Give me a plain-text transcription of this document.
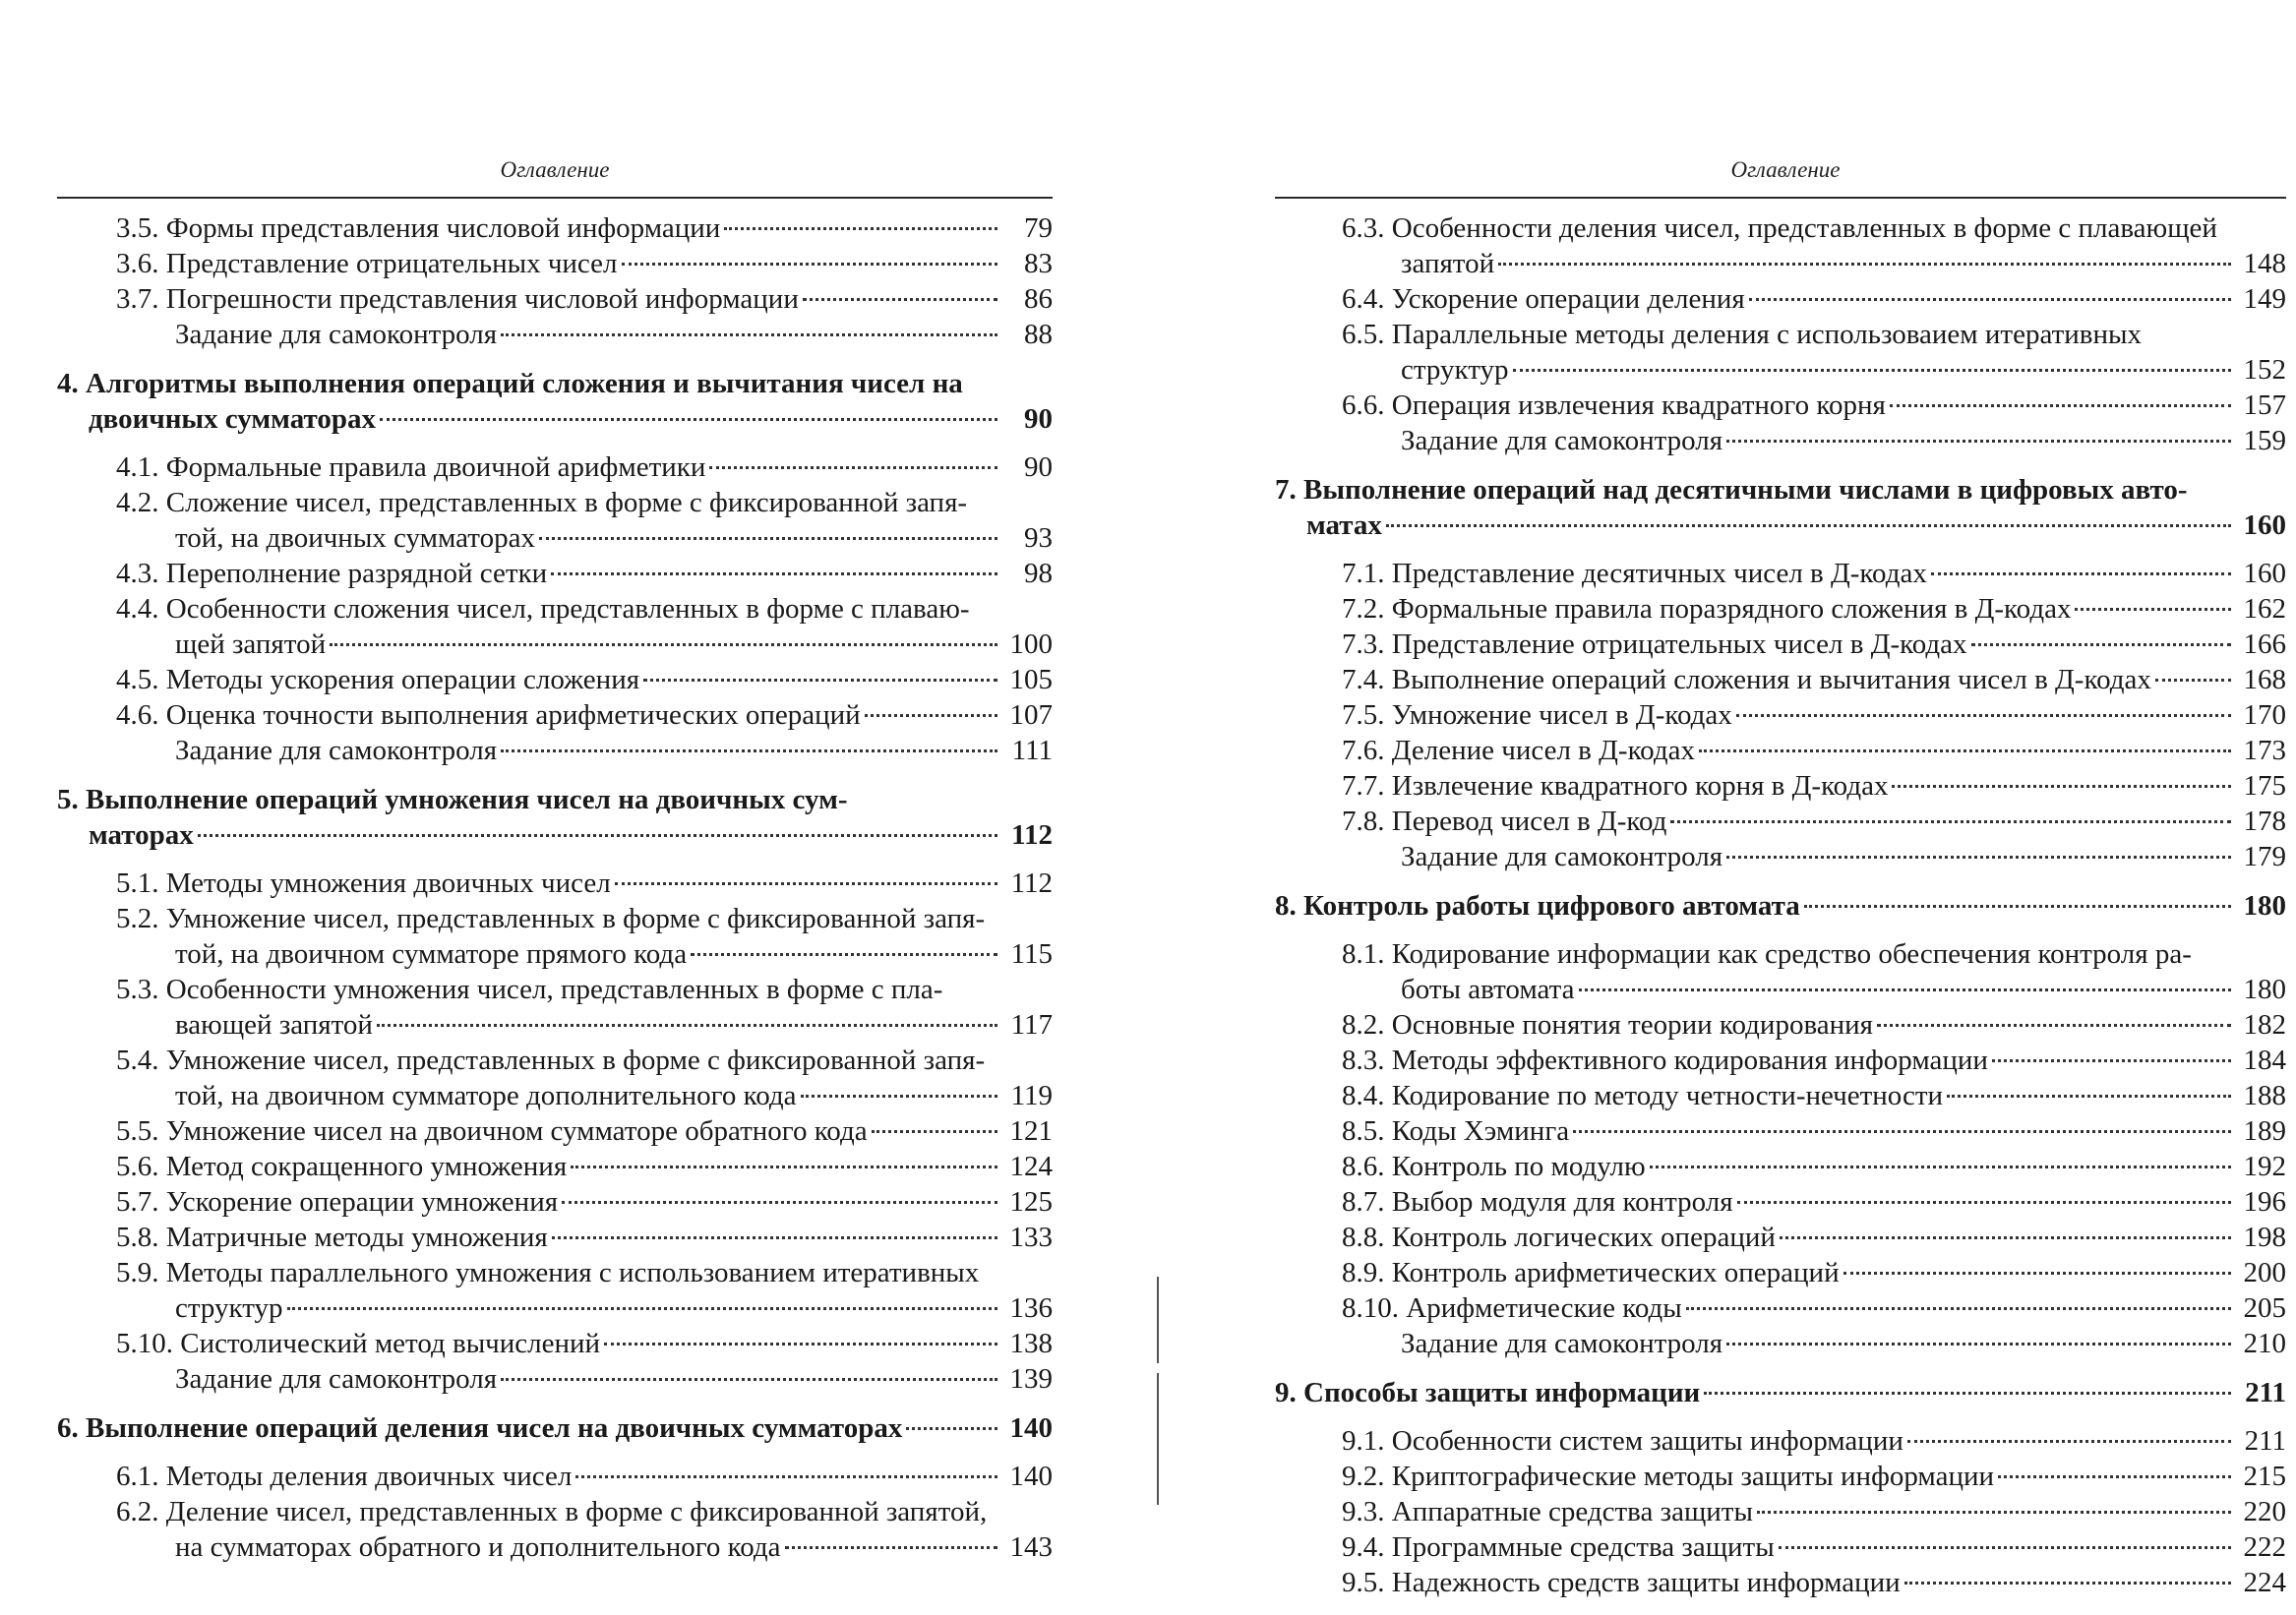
Оглавление
3.5. Формы представления числовой информации	79
3.6. Представление отрицательных чисел	83
3.7. Погрешности представления числовой информации	86
Задание для самоконтроля	88
4. Алгоритмы выполнения операций сложения и вычитания чисел на
двоичных сумматорах	90
4.1. Формальные правила двоичной арифметики	90
4.2. Сложение чисел, представленных в форме с фиксированной запя-
той, на двоичных сумматорах	93
4.3. Переполнение разрядной сетки	98
4.4. Особенности сложения чисел, представленных в форме с плаваю-
щей запятой	100
4.5. Методы ускорения операции сложения	105
4.6. Оценка точности выполнения арифметических операций	107
Задание для самоконтроля	111
5. Выполнение операций умножения чисел на двоичных сум-
маторах	112
5.1. Методы умножения двоичных чисел	112
5.2. Умножение чисел, представленных в форме с фиксированной запя-
той, на двоичном сумматоре прямого кода	115
5.3. Особенности умножения чисел, представленных в форме с пла-
вающей запятой	117
5.4. Умножение чисел, представленных в форме с фиксированной запя-
той, на двоичном сумматоре дополнительного кода	119
5.5. Умножение чисел на двоичном сумматоре обратного кода	121
5.6. Метод сокращенного умножения	124
5.7. Ускорение операции умножения	125
5.8. Матричные методы умножения	133
5.9. Методы параллельного умножения с использованием итеративных
структур	136
5.10. Систолический метод вычислений	138
Задание для самоконтроля	139
6. Выполнение операций деления чисел на двоичных сумматорах	140
6.1. Методы деления двоичных чисел	140
6.2. Деление чисел, представленных в форме с фиксированной запятой,
на сумматорах обратного и дополнительного кода	143
Оглавление
6.3. Особенности деления чисел, представленных в форме с плавающей
запятой	148
6.4. Ускорение операции деления	149
6.5. Параллельные методы деления с использоваием итеративных
структур	152
6.6. Операция извлечения квадратного корня	157
Задание для самоконтроля	159
7. Выполнение операций над десятичными числами в цифровых авто-
матах	160
7.1. Представление десятичных чисел в Д-кодах	160
7.2. Формальные правила поразрядного сложения в Д-кодах	162
7.3. Представление отрицательных чисел в Д-кодах	166
7.4. Выполнение операций сложения и вычитания чисел в Д-кодах	168
7.5. Умножение чисел в Д-кодах	170
7.6. Деление чисел в Д-кодах	173
7.7. Извлечение квадратного корня в Д-кодах	175
7.8. Перевод чисел в Д-код	178
Задание для самоконтроля	179
8. Контроль работы цифрового автомата	180
8.1. Кодирование информации как средство обеспечения контроля ра-
боты автомата	180
8.2. Основные понятия теории кодирования	182
8.3. Методы эффективного кодирования информации	184
8.4. Кодирование по методу четности-нечетности	188
8.5. Коды Хэминга	189
8.6. Контроль по модулю	192
8.7. Выбор модуля для контроля	196
8.8. Контроль логических операций	198
8.9. Контроль арифметических операций	200
8.10. Арифметические коды	205
Задание для самоконтроля	210
9. Способы защиты информации	211
9.1. Особенности систем защиты информации	211
9.2. Криптографические методы защиты информации	215
9.3. Аппаратные средства защиты	220
9.4. Программные средства защиты	222
9.5. Надежность средств защиты информации	224
